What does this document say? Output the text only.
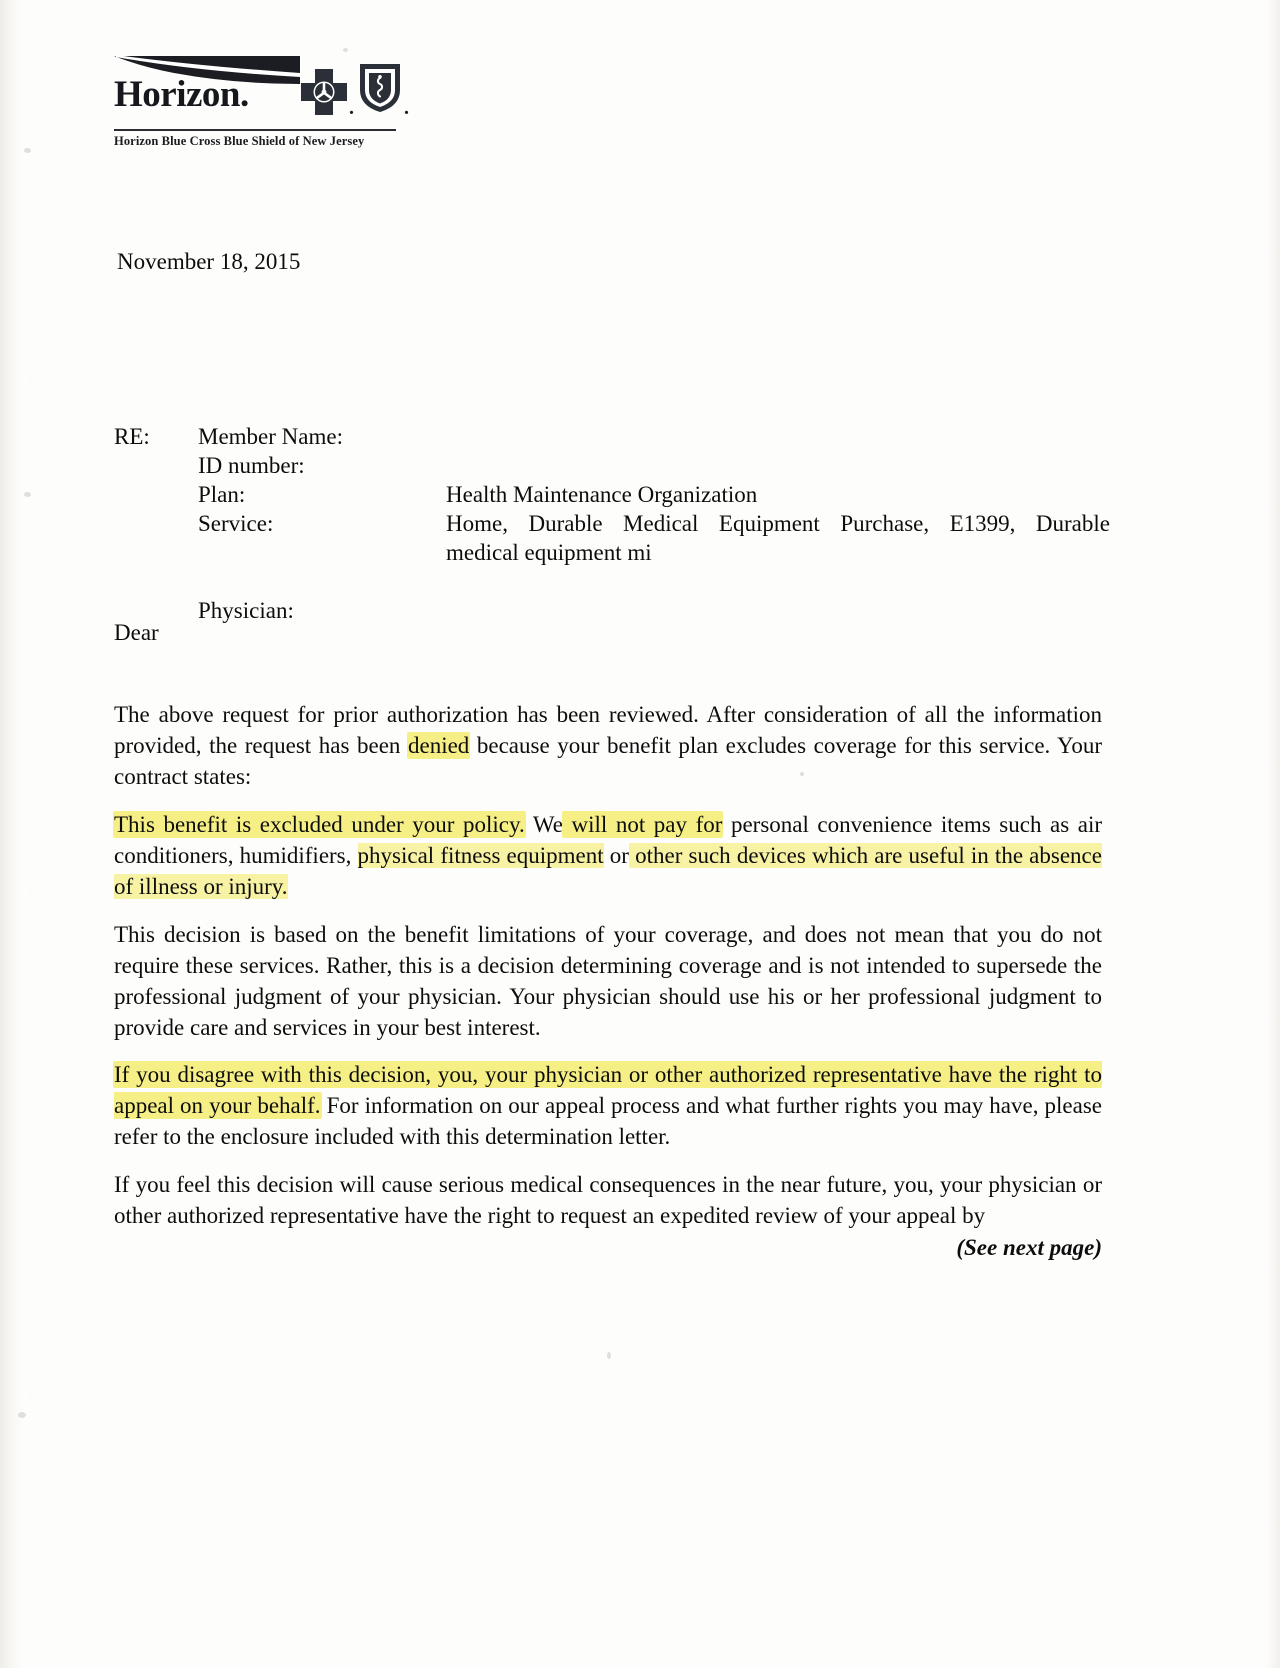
Horizon.	.	.
Horizon Blue Cross Blue Shield of New Jersey
November 18, 2015
RE:	Member Name:
ID number:
Plan:	Health Maintenance Organization
Service:	Home, Durable Medical Equipment Purchase, E1399, Durable
medical equipment mi
Physician:
Dear

The above request for prior authorization has been reviewed. After consideration of all the information provided, the request has been denied because your benefit plan excludes coverage for this service. Your contract states:

This benefit is excluded under your policy. We will not pay for personal convenience items such as air conditioners, humidifiers, physical fitness equipment or other such devices which are useful in the absence of illness or injury.

This decision is based on the benefit limitations of your coverage, and does not mean that you do not require these services. Rather, this is a decision determining coverage and is not intended to supersede the professional judgment of your physician. Your physician should use his or her professional judgment to provide care and services in your best interest.

If you disagree with this decision, you, your physician or other authorized representative have the right to appeal on your behalf. For information on our appeal process and what further rights you may have, please refer to the enclosure included with this determination letter.

If you feel this decision will cause serious medical consequences in the near future, you, your physician or other authorized representative have the right to request an expedited review of your appeal by

(See next page)
